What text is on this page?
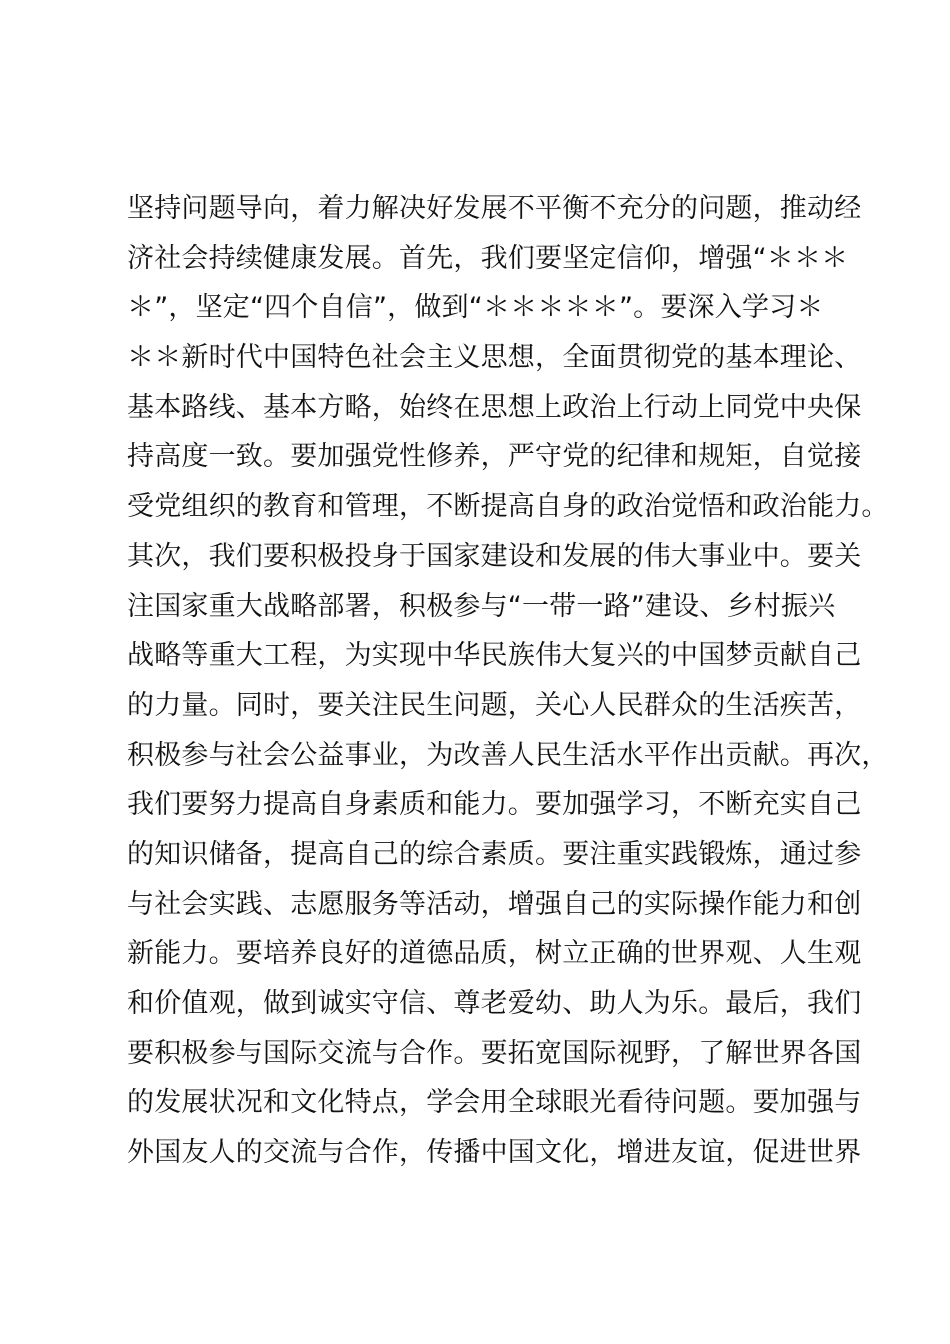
坚持问题导向，着力解决好发展不平衡不充分的问题，推动经
济社会持续健康发展。首先，我们要坚定信仰，增强“＊＊＊
＊”，坚定“四个自信”，做到“＊＊＊＊＊”。要深入学习＊
＊＊新时代中国特色社会主义思想，全面贯彻党的基本理论、
基本路线、基本方略，始终在思想上政治上行动上同党中央保
持高度一致。要加强党性修养，严守党的纪律和规矩，自觉接
受党组织的教育和管理，不断提高自身的政治觉悟和政治能力。
其次，我们要积极投身于国家建设和发展的伟大事业中。要关
注国家重大战略部署，积极参与“一带一路”建设、乡村振兴
战略等重大工程，为实现中华民族伟大复兴的中国梦贡献自己
的力量。同时，要关注民生问题，关心人民群众的生活疾苦，
积极参与社会公益事业，为改善人民生活水平作出贡献。再次，
我们要努力提高自身素质和能力。要加强学习，不断充实自己
的知识储备，提高自己的综合素质。要注重实践锻炼，通过参
与社会实践、志愿服务等活动，增强自己的实际操作能力和创
新能力。要培养良好的道德品质，树立正确的世界观、人生观
和价值观，做到诚实守信、尊老爱幼、助人为乐。最后，我们
要积极参与国际交流与合作。要拓宽国际视野，了解世界各国
的发展状况和文化特点，学会用全球眼光看待问题。要加强与
外国友人的交流与合作，传播中国文化，增进友谊，促进世界
